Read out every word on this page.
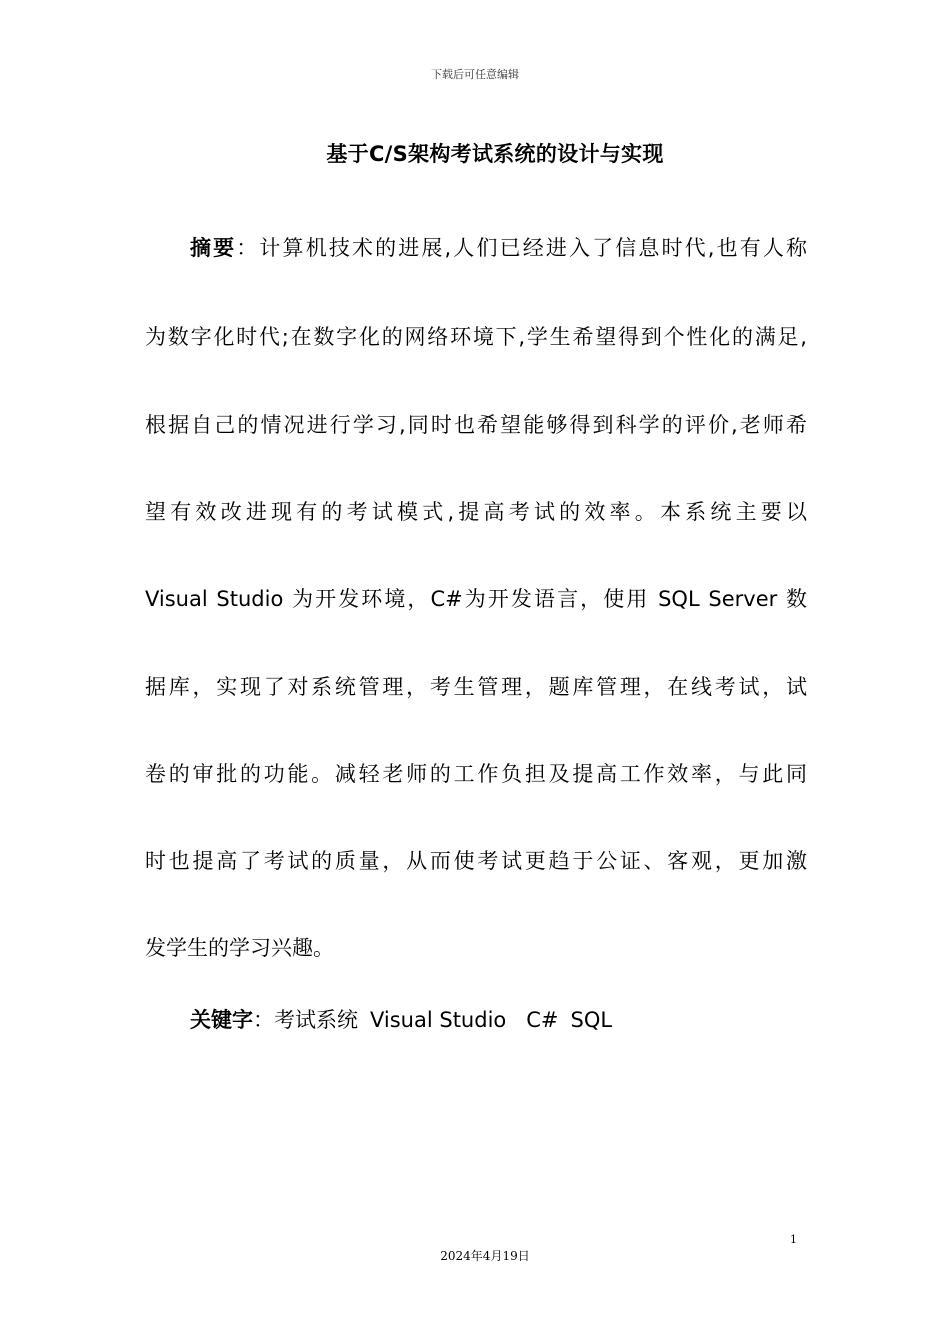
下载后可任意编辑
基于C/S架构考试系统的设计与实现
摘要：计算机技术的进展,人们已经进入了信息时代,也有人称
为数字化时代;在数字化的网络环境下,学生希望得到个性化的满足,
根据自己的情况进行学习,同时也希望能够得到科学的评价,老师希
望有效改进现有的考试模式,提高考试的效率。本系统主要以
Visual Studio 为开发环境，C#为开发语言，使用 SQL Server 数
据库，实现了对系统管理，考生管理，题库管理，在线考试，试
卷的审批的功能。减轻老师的工作负担及提高工作效率，与此同
时也提高了考试的质量，从而使考试更趋于公证、客观，更加激
发学生的学习兴趣。
关键字：考试系统 Visual Studio C# SQL
1
2024年4月19日
